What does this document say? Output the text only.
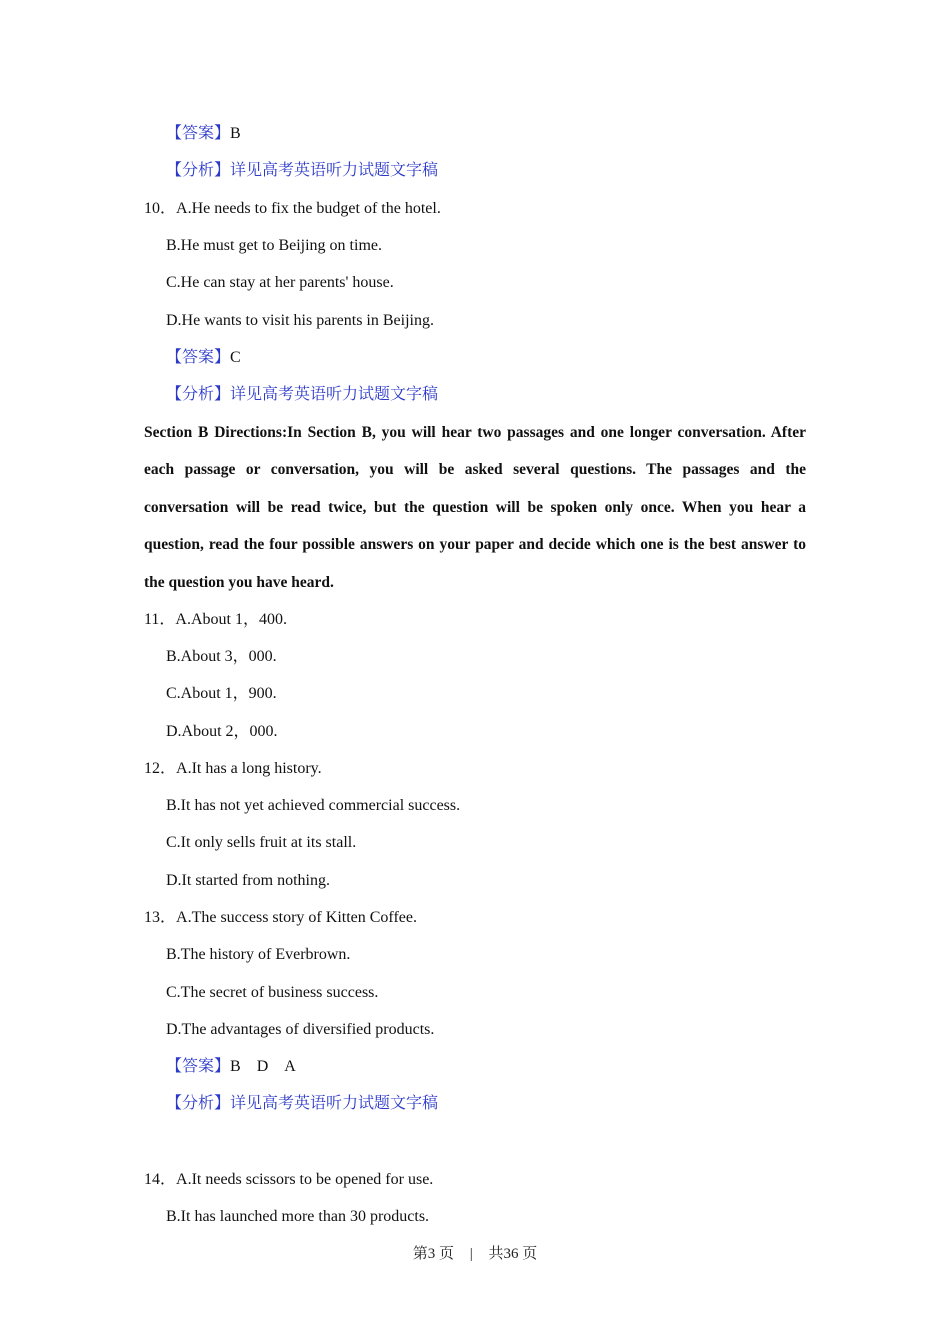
【答案】B
【分析】详见高考英语听力试题文字稿
10．A.He needs to fix the budget of the hotel.
B.He must get to Beijing on time.
C.He can stay at her parents' house.
D.He wants to visit his parents in Beijing.
【答案】C
【分析】详见高考英语听力试题文字稿
Section B Directions:In Section B, you will hear two passages and one longer conversation. After each passage or conversation, you will be asked several questions. The passages and the conversation will be read twice, but the question will be spoken only once. When you hear a question, read the four possible answers on your paper and decide which one is the best answer to the question you have heard.
11．A.About 1，400.
B.About 3，000.
C.About 1，900.
D.About 2，000.
12．A.It has a long history.
B.It has not yet achieved commercial success.
C.It only sells fruit at its stall.
D.It started from nothing.
13．A.The success story of Kitten Coffee.
B.The history of Everbrown.
C.The secret of business success.
D.The advantages of diversified products.
【答案】B    D    A
【分析】详见高考英语听力试题文字稿
14．A.It needs scissors to be opened for use.
B.It has launched more than 30 products.
第3 页 | 共36 页
